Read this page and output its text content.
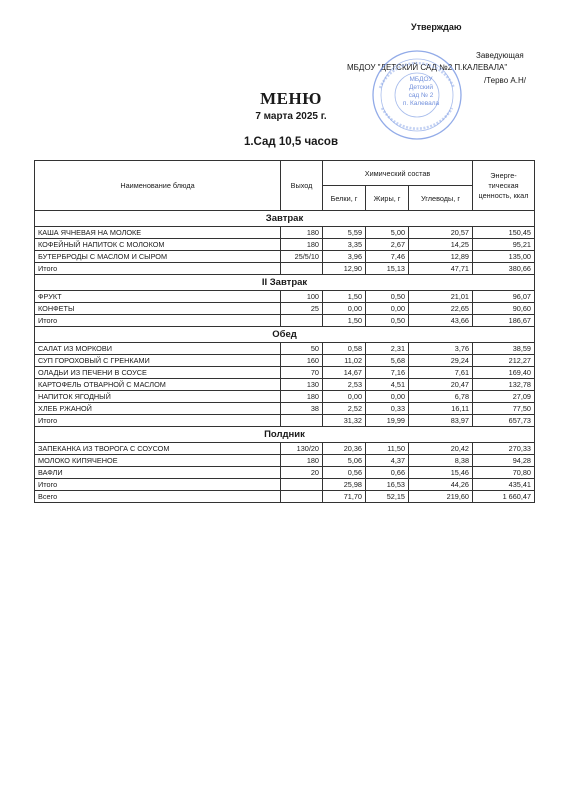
Утверждаю
Заведующая
МБДОУ "ДЕТСКИЙ САД №2 П.КАЛЕВАЛА"
/Терво А.Н/
МБДОУ
Детский
сад № 2
п. Калевала
МЕНЮ
7 марта 2025 г.
1.Сад 10,5 часов
Наименование блюда	Выход	Химический состав			Энерге-тическая ценность, ккал
		Белки, г	Жиры, г	Углеводы, г	
Завтрак					
КАША ЯЧНЕВАЯ НА МОЛОКЕ	180	5,59	5,00	20,57	150,45
КОФЕЙНЫЙ НАПИТОК С МОЛОКОМ	180	3,35	2,67	14,25	95,21
БУТЕРБРОДЫ С МАСЛОМ И СЫРОМ	25/5/10	3,96	7,46	12,89	135,00
Итого		12,90	15,13	47,71	380,66
II Завтрак					
ФРУКТ	100	1,50	0,50	21,01	96,07
КОНФЕТЫ	25	0,00	0,00	22,65	90,60
Итого		1,50	0,50	43,66	186,67
Обед					
САЛАТ ИЗ МОРКОВИ	50	0,58	2,31	3,76	38,59
СУП ГОРОХОВЫЙ С ГРЕНКАМИ	160	11,02	5,68	29,24	212,27
ОЛАДЬИ ИЗ ПЕЧЕНИ В СОУСЕ	70	14,67	7,16	7,61	169,40
КАРТОФЕЛЬ ОТВАРНОЙ С МАСЛОМ	130	2,53	4,51	20,47	132,78
НАПИТОК ЯГОДНЫЙ	180	0,00	0,00	6,78	27,09
ХЛЕБ РЖАНОЙ	38	2,52	0,33	16,11	77,50
Итого		31,32	19,99	83,97	657,73
Полдник					
ЗАПЕКАНКА ИЗ ТВОРОГА С СОУСОМ	130/20	20,36	11,50	20,42	270,33
МОЛОКО КИПЯЧЕНОЕ	180	5,06	4,37	8,38	94,28
ВАФЛИ	20	0,56	0,66	15,46	70,80
Итого		25,98	16,53	44,26	435,41
Всего		71,70	52,15	219,60	1 660,47
